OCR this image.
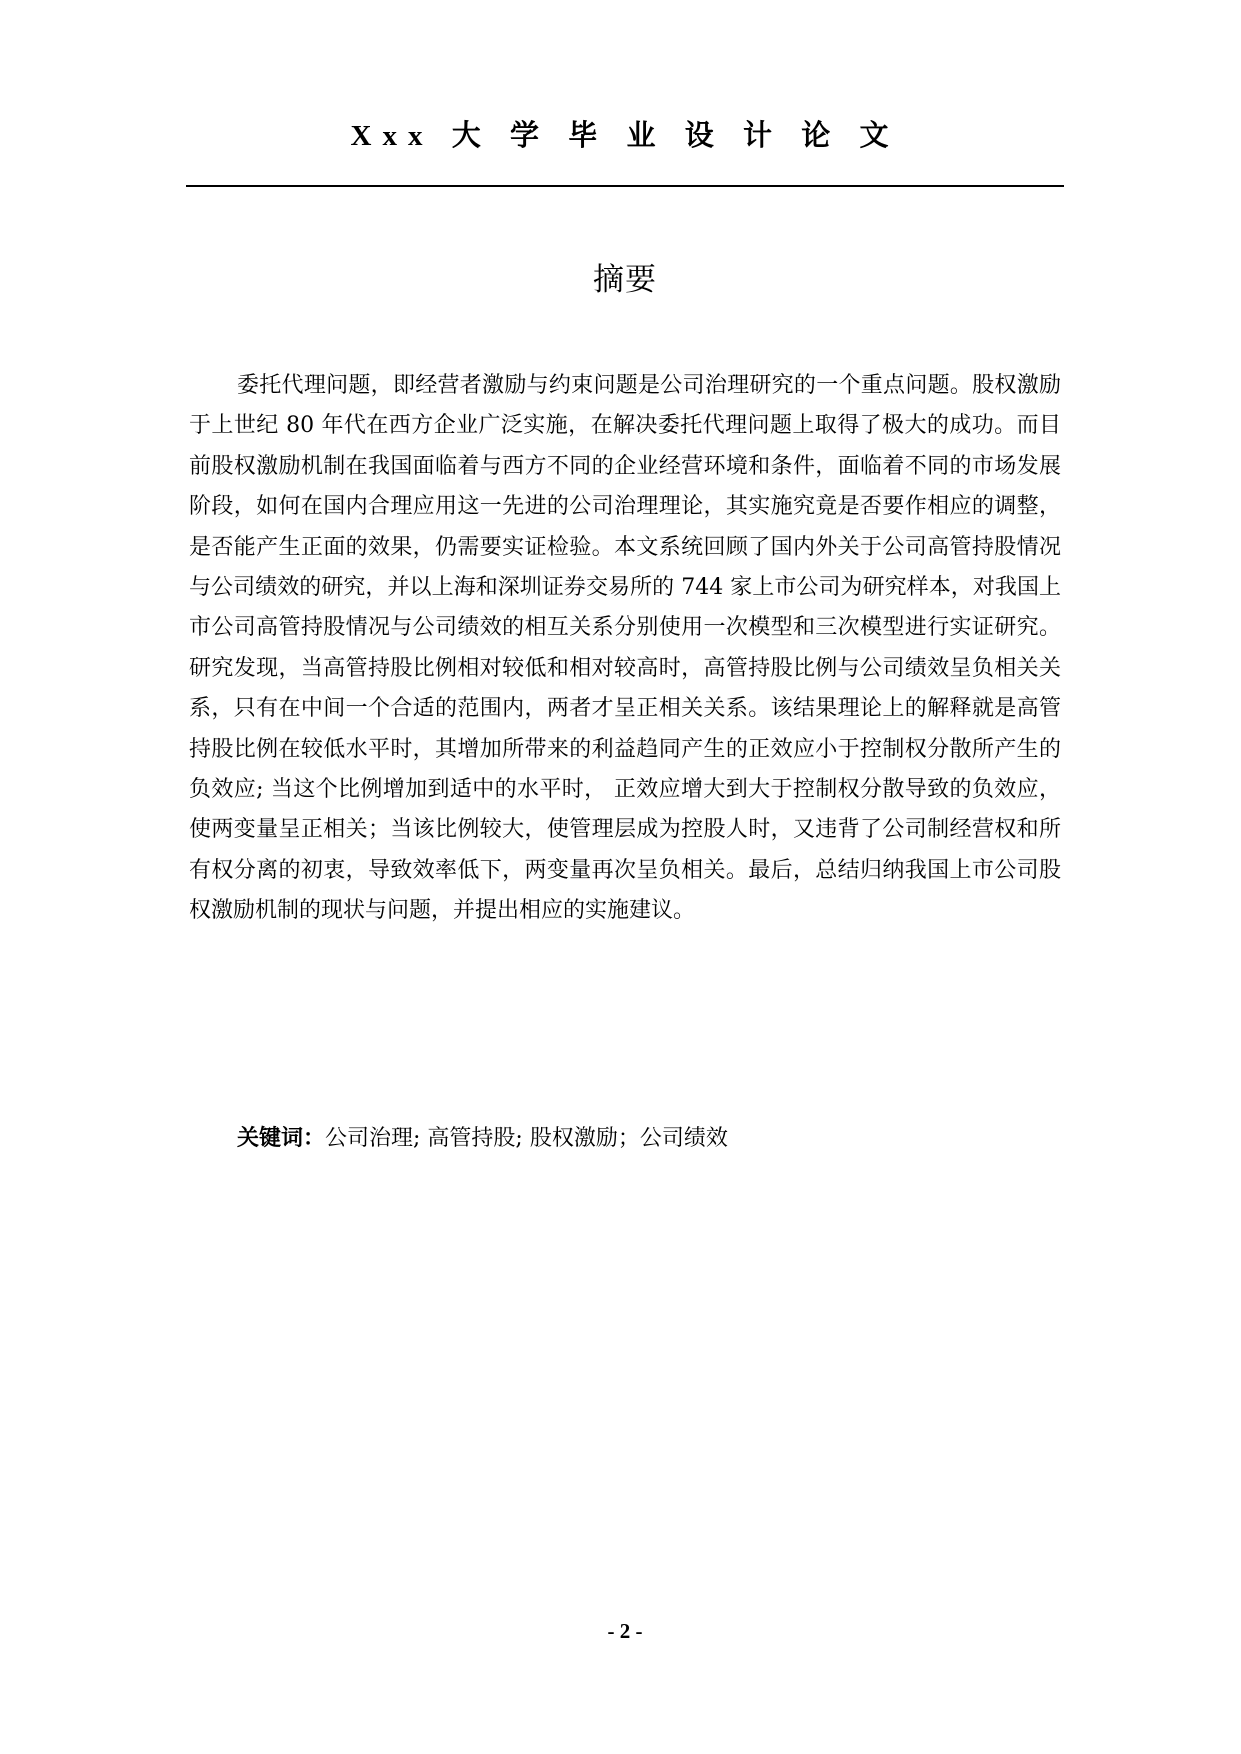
Xxx 大 学 毕 业 设 计 论 文
摘要

委托代理问题，即经营者激励与约束问题是公司治理研究的一个重点问题。股权激励于上世纪 80 年代在西方企业广泛实施，在解决委托代理问题上取得了极大的成功。而目前股权激励机制在我国面临着与西方不同的企业经营环境和条件，面临着不同的市场发展阶段，如何在国内合理应用这一先进的公司治理理论，其实施究竟是否要作相应的调整，是否能产生正面的效果，仍需要实证检验。本文系统回顾了国内外关于公司高管持股情况与公司绩效的研究，并以上海和深圳证券交易所的 744 家上市公司为研究样本，对我国上市公司高管持股情况与公司绩效的相互关系分别使用一次模型和三次模型进行实证研究。研究发现，当高管持股比例相对较低和相对较高时，高管持股比例与公司绩效呈负相关关系，只有在中间一个合适的范围内，两者才呈正相关关系。该结果理论上的解释就是高管持股比例在较低水平时，其增加所带来的利益趋同产生的正效应小于控制权分散所产生的负效应; 当这个比例增加到适中的水平时， 正效应增大到大于控制权分散导致的负效应，使两变量呈正相关；当该比例较大，使管理层成为控股人时，又违背了公司制经营权和所有权分离的初衷，导致效率低下，两变量再次呈负相关。最后，总结归纳我国上市公司股权激励机制的现状与问题，并提出相应的实施建议。

关键词：公司治理; 高管持股; 股权激励；公司绩效
- 2 -
